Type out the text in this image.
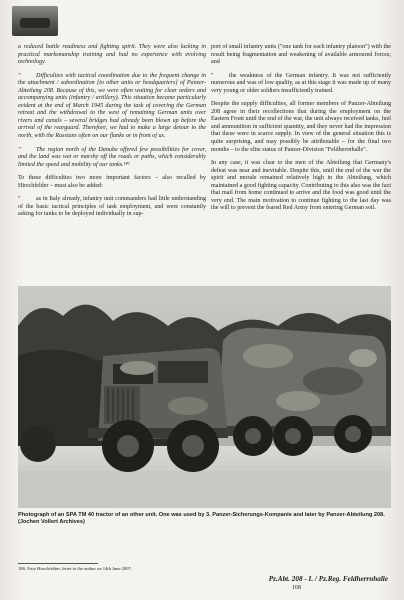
a reduced battle readiness and fighting spirit. They were also lacking in practical marksmanship training and had no experience with evolving technology.

"	Difficulties with tactical coordination due to the frequent change in the attachment / subordination [to other units or headquarters] of Panzer-Abteilung 208. Because of this, we were often waiting for clear orders and accompanying units (infantry / artillery). This situation became particularly evident at the end of March 1945 during the task of covering the German retreat and the withdrawal to the west of remaining German units over rivers and canals – several bridges had already been blown up before the arrival of the rearguard. Therefore, we had to make a large detour to the north, with the Russians often on our flanks or in front of us.

"	The region north of the Danube offered few possibilities for cover, and the land was wet or marshy off the roads or paths, which considerably limited the speed and mobility of our tanks.¹⁸⁶

To these difficulties two more important factors – also recalled by Hirschfelder – must also be added:

"	as in Italy already, infantry unit commanders had little understanding of the basic tactical principles of task employment, and were constantly asking for tanks to be deployed individually in sup-

port of small infantry units ("one tank for each infantry platoon") with the result being fragmentation and weakening of available armoured forces; and

"	the weakness of the German infantry. It was not sufficiently numerous and was of low quality, as at this stage it was made up of many very young or older soldiers insufficiently trained.

Despite the supply difficulties, all former members of Panzer-Abteilung 208 agree in their recollections that during the employment on the Eastern Front until the end of the war, the unit always received tanks, fuel and ammunition in sufficient quantity, and they never had the impression that these were in scarce supply. In view of the general situation this is quite surprising, and may possibly be attributable – for the final two months – to the elite status of Panzer-Division "Feldherrnhalle".

In any case, it was clear to the men of the Abteilung that Germany's defeat was near and inevitable. Despite this, until the end of the war the spirit and morale remained relatively high in the Abteilung, which maintained a good fighting capacity. Contributing to this also was the fact that mail from home continued to arrive and the food was good until the very end. The main motivation to continue fighting to the last day was the will to prevent the feared Red Army from entering German soil.

Photograph of an SPA TM 40 tractor of an other unit. One was used by 3. Panzer-Sicherungs-Kompanie and later by Panzer-Abteilung 208. (Jochen Vollert Archives)
186. Fritz Hirschfelder, letter to the author on 14th June 2007.
Pz.Abt. 208 - I. / Pz.Reg. Feldherrnhalle
168
